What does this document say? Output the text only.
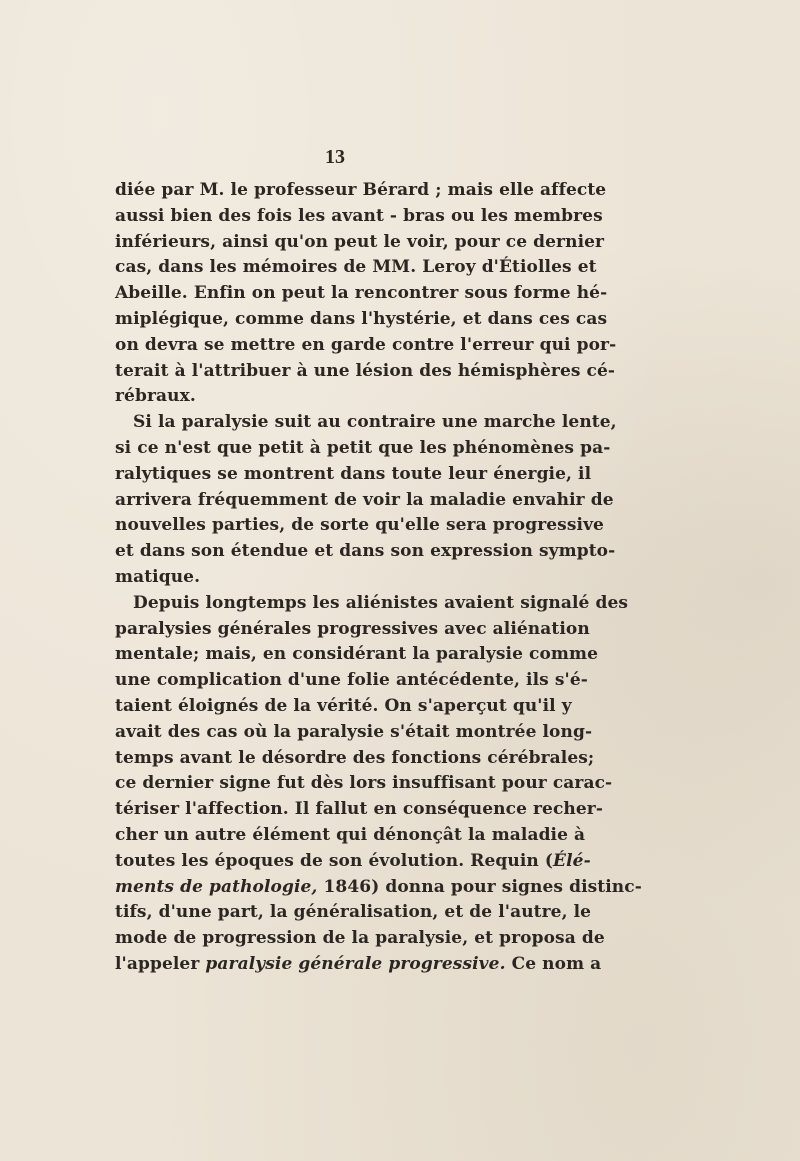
13
diée par M. le professeur Bérard ; mais elle affecte
aussi bien des fois les avant - bras ou les membres
inférieurs, ainsi qu'on peut le voir, pour ce dernier
cas, dans les mémoires de MM. Leroy d'Étiolles et
Abeille. Enfin on peut la rencontrer sous forme hé-
miplégique, comme dans l'hystérie, et dans ces cas
on devra se mettre en garde contre l'erreur qui por-
terait à l'attribuer à une lésion des hémisphères cé-
rébraux.
Si la paralysie suit au contraire une marche lente,
si ce n'est que petit à petit que les phénomènes pa-
ralytiques se montrent dans toute leur énergie, il
arrivera fréquemment de voir la maladie envahir de
nouvelles parties, de sorte qu'elle sera progressive
et dans son étendue et dans son expression sympto-
matique.
Depuis longtemps les aliénistes avaient signalé des
paralysies générales progressives avec aliénation
mentale; mais, en considérant la paralysie comme
une complication d'une folie antécédente, ils s'é-
taient éloignés de la vérité. On s'aperçut qu'il y
avait des cas où la paralysie s'était montrée long-
temps avant le désordre des fonctions cérébrales;
ce dernier signe fut dès lors insuffisant pour carac-
tériser l'affection. Il fallut en conséquence recher-
cher un autre élément qui dénonçât la maladie à
toutes les époques de son évolution. Requin (Élé-
ments de pathologie, 1846) donna pour signes distinc-
tifs, d'une part, la généralisation, et de l'autre, le
mode de progression de la paralysie, et proposa de
l'appeler paralysie générale progressive. Ce nom a
